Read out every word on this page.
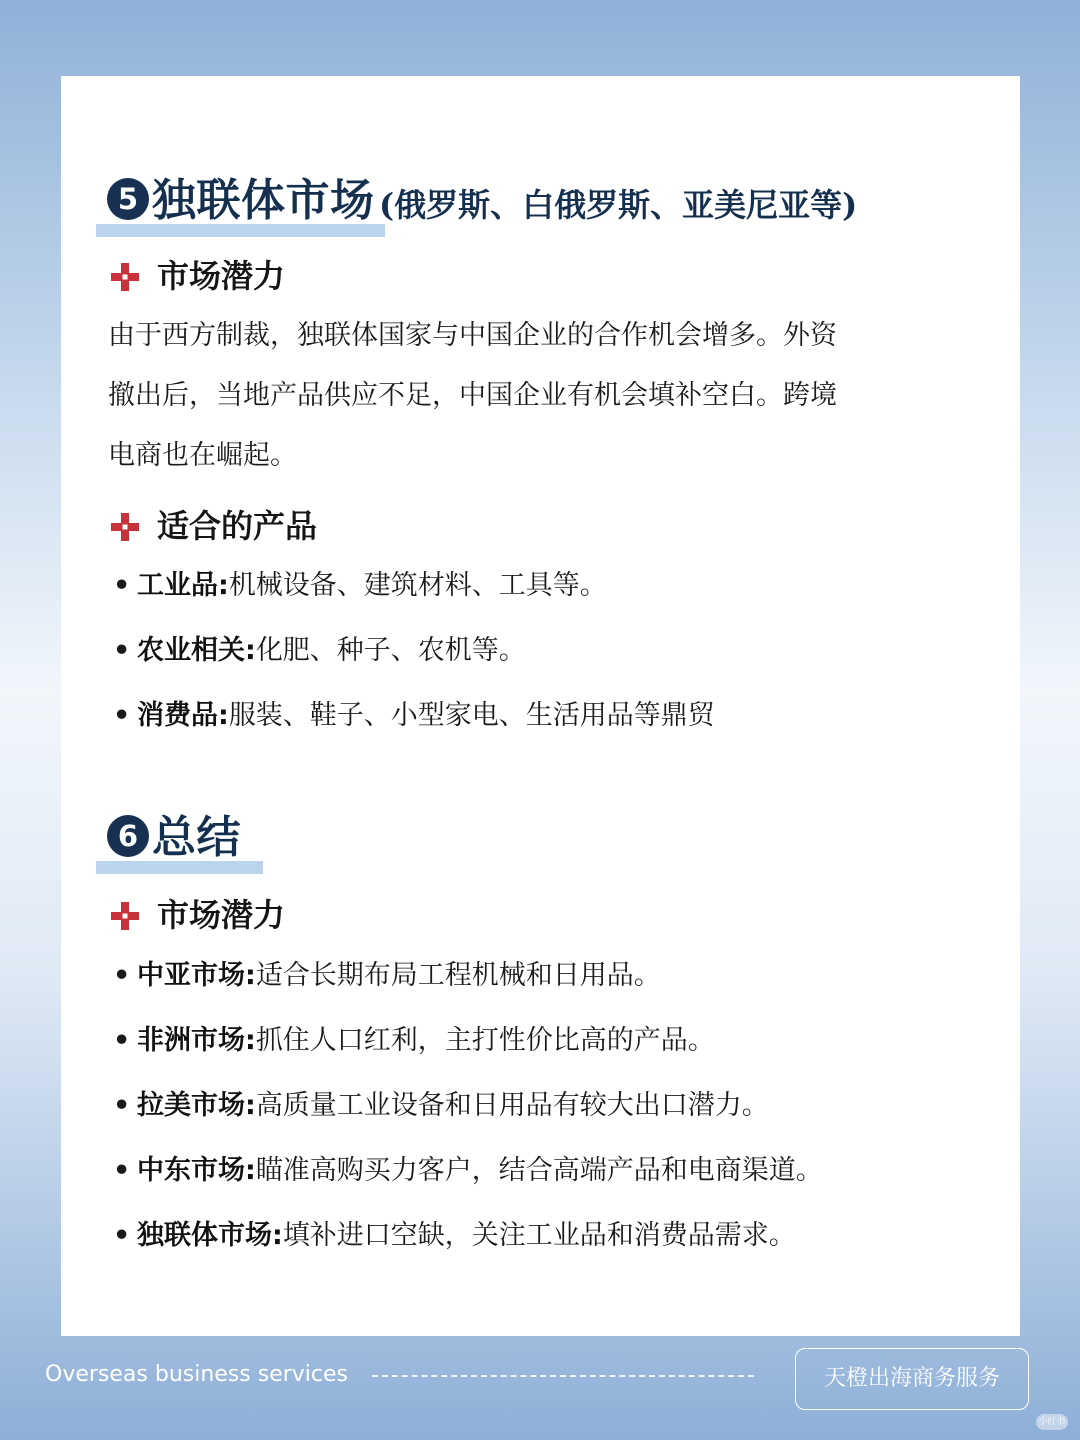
5 独联体市场 (俄罗斯、白俄罗斯、亚美尼亚等)
市场潜力
由于西方制裁，独联体国家与中国企业的合作机会增多。外资
撤出后，当地产品供应不足，中国企业有机会填补空白。跨境
电商也在崛起。
适合的产品
• 工业品:机械设备、建筑材料、工具等。
• 农业相关:化肥、种子、农机等。
• 消费品:服装、鞋子、小型家电、生活用品等鼎贸
6 总结
市场潜力
• 中亚市场:适合长期布局工程机械和日用品。
• 非洲市场:抓住人口红利，主打性价比高的产品。
• 拉美市场:高质量工业设备和日用品有较大出口潜力。
• 中东市场:瞄准高购买力客户，结合高端产品和电商渠道。
• 独联体市场:填补进口空缺，关注工业品和消费品需求。
Overseas business services	天橙出海商务服务
小红书
